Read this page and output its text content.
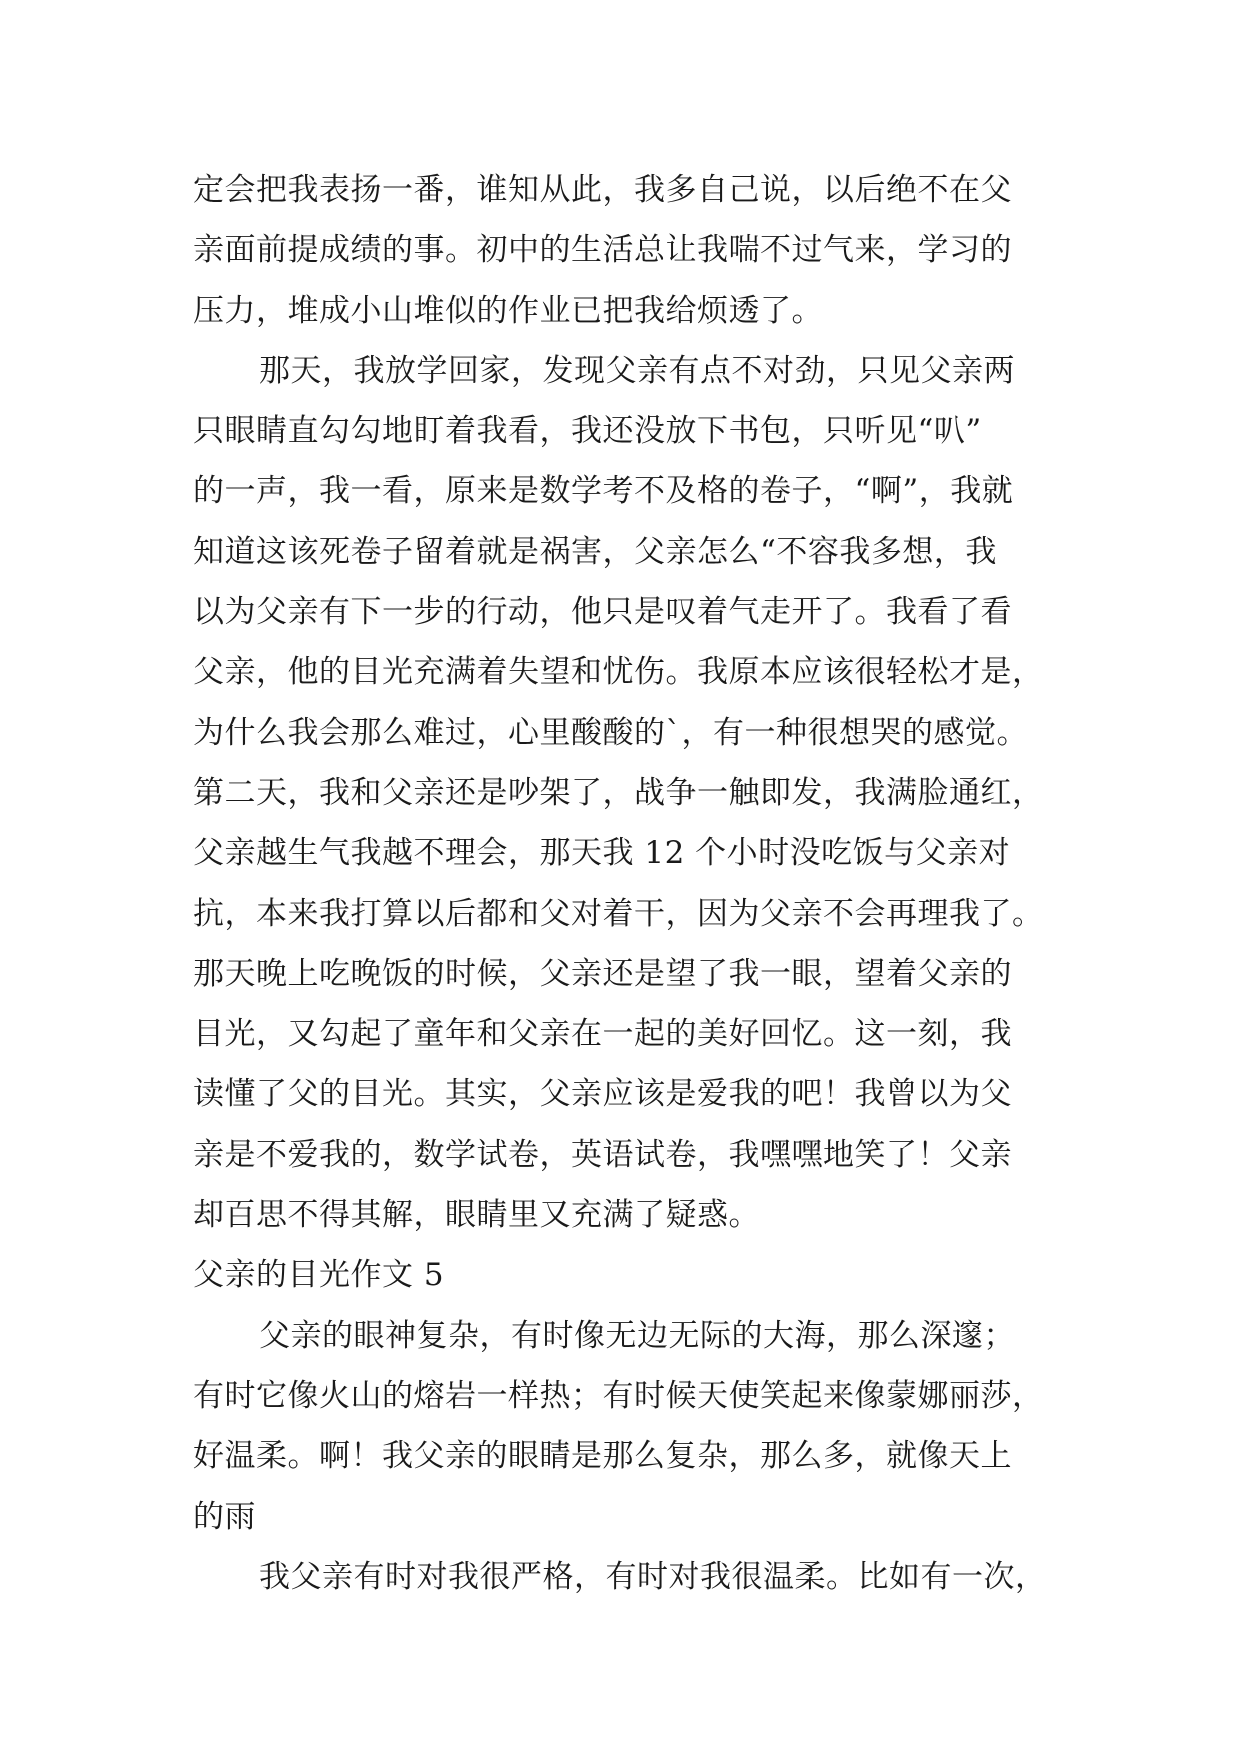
定会把我表扬一番，谁知从此，我多自己说，以后绝不在父
亲面前提成绩的事。初中的生活总让我喘不过气来，学习的
压力，堆成小山堆似的作业已把我给烦透了。
那天，我放学回家，发现父亲有点不对劲，只见父亲两
只眼睛直勾勾地盯着我看，我还没放下书包，只听见“叭”
的一声，我一看，原来是数学考不及格的卷子，“啊”，我就
知道这该死卷子留着就是祸害，父亲怎么“不容我多想，我
以为父亲有下一步的行动，他只是叹着气走开了。我看了看
父亲，他的目光充满着失望和忧伤。我原本应该很轻松才是，
为什么我会那么难过，心里酸酸的`，有一种很想哭的感觉。
第二天，我和父亲还是吵架了，战争一触即发，我满脸通红，
父亲越生气我越不理会，那天我 12 个小时没吃饭与父亲对
抗，本来我打算以后都和父对着干，因为父亲不会再理我了。
那天晚上吃晚饭的时候，父亲还是望了我一眼，望着父亲的
目光，又勾起了童年和父亲在一起的美好回忆。这一刻，我
读懂了父的目光。其实，父亲应该是爱我的吧！我曾以为父
亲是不爱我的，数学试卷，英语试卷，我嘿嘿地笑了！父亲
却百思不得其解，眼睛里又充满了疑惑。
父亲的目光作文 5
父亲的眼神复杂，有时像无边无际的大海，那么深邃；
有时它像火山的熔岩一样热；有时候天使笑起来像蒙娜丽莎，
好温柔。啊！我父亲的眼睛是那么复杂，那么多，就像天上
的雨
我父亲有时对我很严格，有时对我很温柔。比如有一次，
